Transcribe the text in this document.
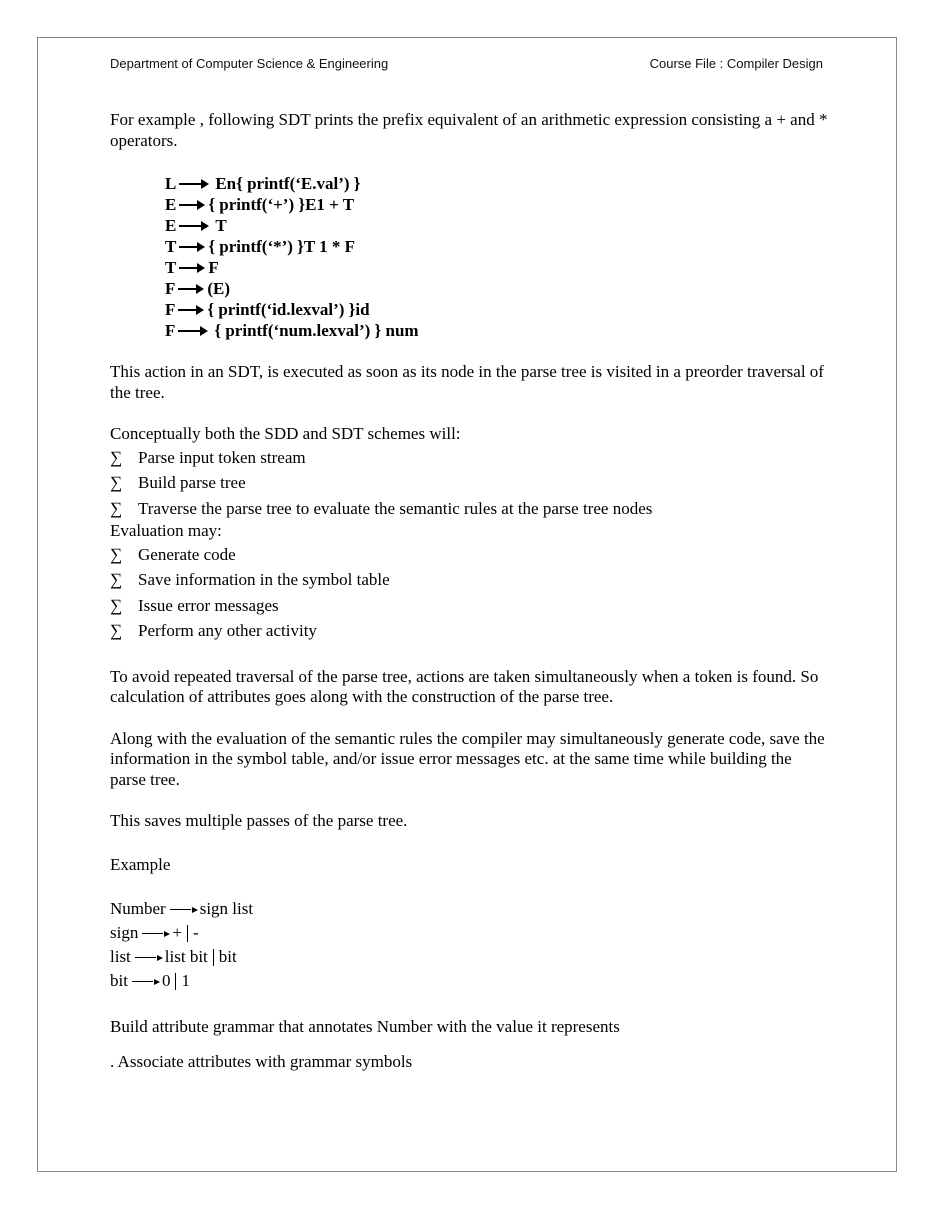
Department of Computer Science & Engineering	Course File : Compiler Design

For example , following SDT prints the prefix equivalent of an arithmetic expression consisting a + and * operators.

L En{ printf(‘E.val’) }
E { printf(‘+’) }E1 + T
E T
T { printf(‘*’) }T 1 * F
T F
F (E)
F { printf(‘id.lexval’) }id
F { printf(‘num.lexval’) } num

This action in an SDT, is executed as soon as its node in the parse tree is visited in a preorder traversal of the tree.

Conceptually both the SDD and SDT schemes will:

∑ Parse input token stream
∑ Build parse tree
∑ Traverse the parse tree to evaluate the semantic rules at the parse tree nodes

Evaluation may:

∑ Generate code
∑ Save information in the symbol table
∑ Issue error messages
∑ Perform any other activity

To avoid repeated traversal of the parse tree, actions are taken simultaneously when a token is found. So calculation of attributes goes along with the construction of the parse tree.

Along with the evaluation of the semantic rules the compiler may simultaneously generate code, save the information in the symbol table, and/or issue error messages etc. at the same time while building the parse tree.

This saves multiple passes of the parse tree.

Example

Number sign list
sign + -
list list bit bit
bit 0 1

Build attribute grammar that annotates Number with the value it represents

. Associate attributes with grammar symbols
